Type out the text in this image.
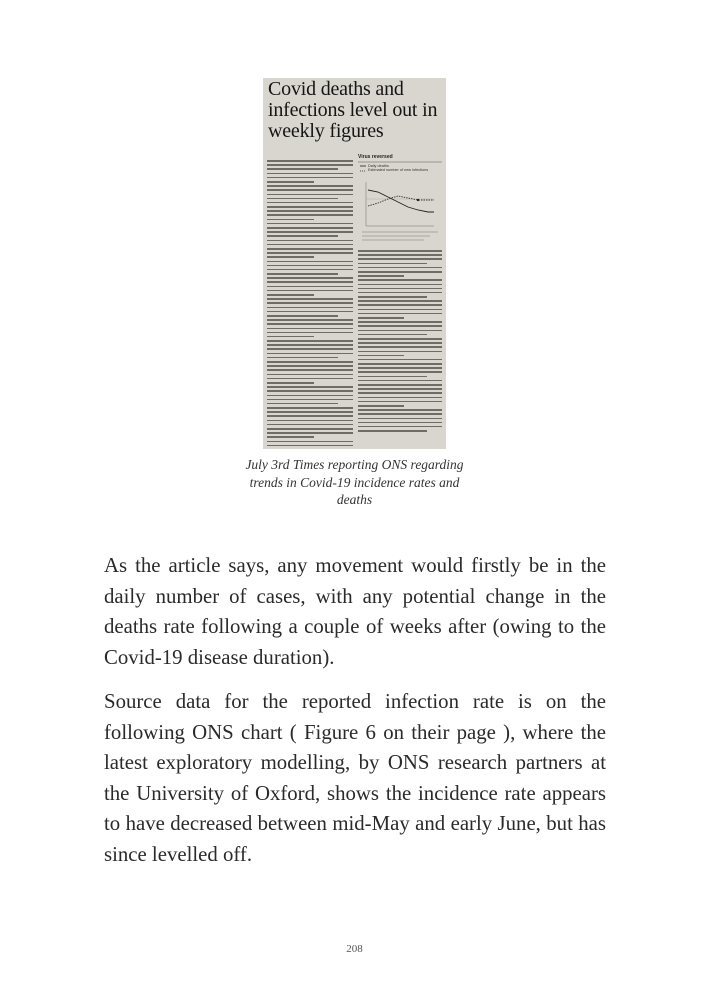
Covid deaths and infections level out in weekly figures
Virus reversed
Daily deaths
Estimated number of new infections
July 3rd Times reporting ONS regarding trends in Covid-19 incidence rates and deaths

As the article says, any movement would firstly be in the daily number of cases, with any potential change in the deaths rate following a couple of weeks after (owing to the Covid-19 disease duration).

Source data for the reported infection rate is on the following ONS chart ( Figure 6 on their page ), where the latest exploratory modelling, by ONS research partners at the University of Oxford, shows the incidence rate appears to have decreased between mid-May and early June, but has since levelled off.

208
